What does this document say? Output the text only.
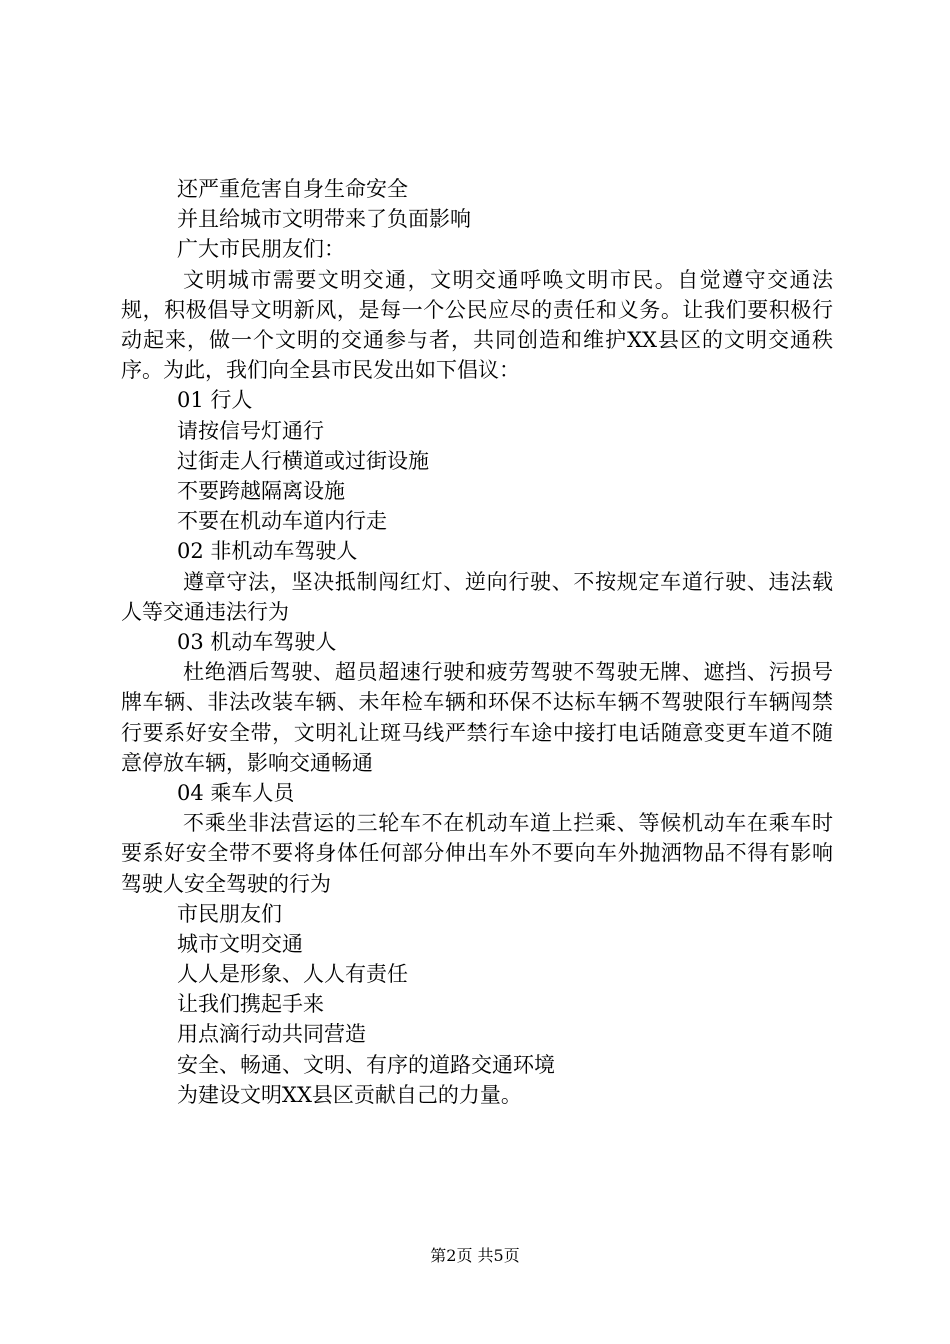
还严重危害自身生命安全
并且给城市文明带来了负面影响
广大市民朋友们：

文明城市需要文明交通，文明交通呼唤文明市民。自觉遵守交通法规，积极倡导文明新风，是每一个公民应尽的责任和义务。让我们要积极行动起来，做一个文明的交通参与者，共同创造和维护XX县区的文明交通秩序。为此，我们向全县市民发出如下倡议：

01 行人
请按信号灯通行
过街走人行横道或过街设施
不要跨越隔离设施
不要在机动车道内行走
02 非机动车驾驶人

遵章守法，坚决抵制闯红灯、逆向行驶、不按规定车道行驶、违法载人等交通违法行为

03 机动车驾驶人

杜绝酒后驾驶、超员超速行驶和疲劳驾驶不驾驶无牌、遮挡、污损号牌车辆、非法改装车辆、未年检车辆和环保不达标车辆不驾驶限行车辆闯禁行要系好安全带，文明礼让斑马线严禁行车途中接打电话随意变更车道不随意停放车辆，影响交通畅通

04 乘车人员

不乘坐非法营运的三轮车不在机动车道上拦乘、等候机动车在乘车时要系好安全带不要将身体任何部分伸出车外不要向车外抛洒物品不得有影响驾驶人安全驾驶的行为

市民朋友们
城市文明交通
人人是形象、人人有责任
让我们携起手来
用点滴行动共同营造
安全、畅通、文明、有序的道路交通环境
为建设文明XX县区贡献自己的力量。
第2页 共5页
